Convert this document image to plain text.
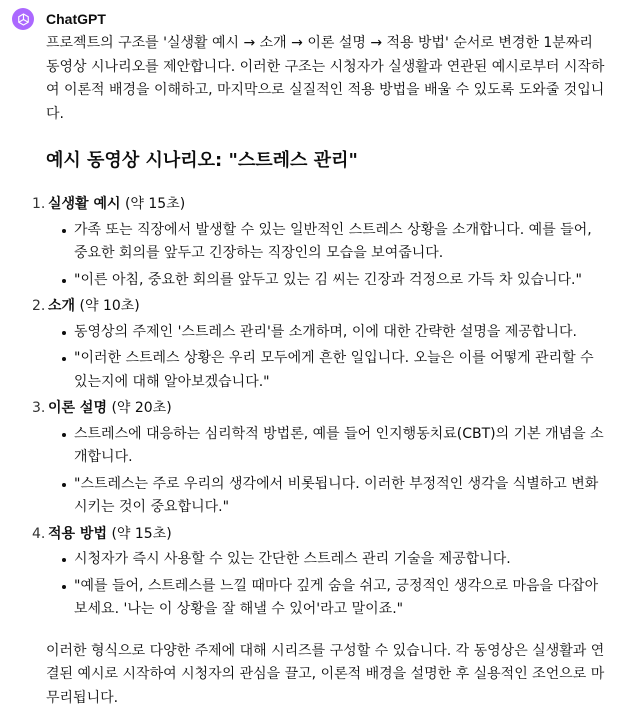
ChatGPT

프로젝트의 구조를 '실생활 예시 → 소개 → 이론 설명 → 적용 방법' 순서로 변경한 1분짜리 동영상 시나리오를 제안합니다. 이러한 구조는 시청자가 실생활과 연관된 예시로부터 시작하여 이론적 배경을 이해하고, 마지막으로 실질적인 적용 방법을 배울 수 있도록 도와줄 것입니다.

예시 동영상 시나리오: "스트레스 관리"
1. 실생활 예시 (약 15초)

가족 또는 직장에서 발생할 수 있는 일반적인 스트레스 상황을 소개합니다. 예를 들어, 중요한 회의를 앞두고 긴장하는 직장인의 모습을 보여줍니다.
"이른 아침, 중요한 회의를 앞두고 있는 김 씨는 긴장과 걱정으로 가득 차 있습니다."
2. 소개 (약 10초)

동영상의 주제인 '스트레스 관리'를 소개하며, 이에 대한 간략한 설명을 제공합니다.
"이러한 스트레스 상황은 우리 모두에게 흔한 일입니다. 오늘은 이를 어떻게 관리할 수 있는지에 대해 알아보겠습니다."
3. 이론 설명 (약 20초)

스트레스에 대응하는 심리학적 방법론, 예를 들어 인지행동치료(CBT)의 기본 개념을 소개합니다.
"스트레스는 주로 우리의 생각에서 비롯됩니다. 이러한 부정적인 생각을 식별하고 변화시키는 것이 중요합니다."
4. 적용 방법 (약 15초)

시청자가 즉시 사용할 수 있는 간단한 스트레스 관리 기술을 제공합니다.
"예를 들어, 스트레스를 느낄 때마다 깊게 숨을 쉬고, 긍정적인 생각으로 마음을 다잡아 보세요. '나는 이 상황을 잘 해낼 수 있어'라고 말이죠."

이러한 형식으로 다양한 주제에 대해 시리즈를 구성할 수 있습니다. 각 동영상은 실생활과 연결된 예시로 시작하여 시청자의 관심을 끌고, 이론적 배경을 설명한 후 실용적인 조언으로 마무리됩니다.
